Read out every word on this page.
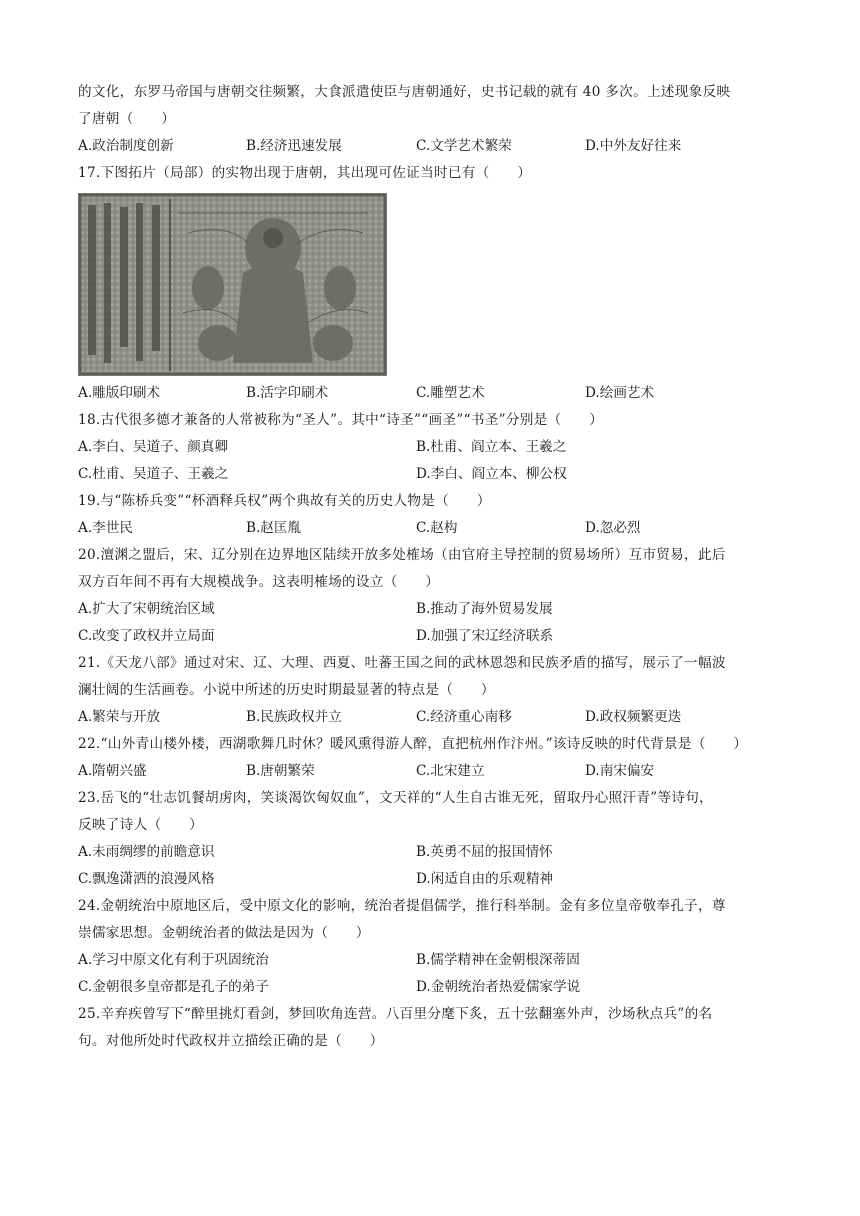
的文化，东罗马帝国与唐朝交往频繁，大食派遣使臣与唐朝通好，史书记载的就有 40 多次。上述现象反映
了唐朝（　　）
A.政治制度创新	B.经济迅速发展	C.文学艺术繁荣	D.中外友好往来
17.下图拓片（局部）的实物出现于唐朝，其出现可佐证当时已有（　　）
A.雕版印刷术	B.活字印刷术	C.雕塑艺术	D.绘画艺术
18.古代很多德才兼备的人常被称为“圣人”。其中“诗圣”“画圣”“书圣”分别是（　　）
A.李白、吴道子、颜真卿	B.杜甫、阎立本、王羲之
C.杜甫、吴道子、王羲之	D.李白、阎立本、柳公权
19.与“陈桥兵变”“杯酒释兵权”两个典故有关的历史人物是（　　）
A.李世民	B.赵匡胤	C.赵构	D.忽必烈
20.澶渊之盟后，宋、辽分别在边界地区陆续开放多处榷场（由官府主导控制的贸易场所）互市贸易，此后
双方百年间不再有大规模战争。这表明榷场的设立（　　）
A.扩大了宋朝统治区域	B.推动了海外贸易发展
C.改变了政权并立局面	D.加强了宋辽经济联系
21.《天龙八部》通过对宋、辽、大理、西夏、吐蕃王国之间的武林恩怨和民族矛盾的描写，展示了一幅波
澜壮阔的生活画卷。小说中所述的历史时期最显著的特点是（　　）
A.繁荣与开放	B.民族政权并立	C.经济重心南移	D.政权频繁更迭
22.“山外青山楼外楼，西湖歌舞几时休？暖风熏得游人醉，直把杭州作汴州。”该诗反映的时代背景是（　　）
A.隋朝兴盛	B.唐朝繁荣	C.北宋建立	D.南宋偏安
23.岳飞的“壮志饥餐胡虏肉，笑谈渴饮匈奴血”，文天祥的“人生自古谁无死，留取丹心照汗青”等诗句，
反映了诗人（　　）
A.未雨绸缪的前瞻意识	B.英勇不屈的报国情怀
C.飘逸潇洒的浪漫风格	D.闲适自由的乐观精神
24.金朝统治中原地区后，受中原文化的影响，统治者提倡儒学，推行科举制。金有多位皇帝敬奉孔子，尊
崇儒家思想。金朝统治者的做法是因为（　　）
A.学习中原文化有利于巩固统治	B.儒学精神在金朝根深蒂固
C.金朝很多皇帝都是孔子的弟子	D.金朝统治者热爱儒家学说
25.辛弃疾曾写下“醉里挑灯看剑，梦回吹角连营。八百里分麾下炙，五十弦翻塞外声，沙场秋点兵”的名
句。对他所处时代政权并立描绘正确的是（　　）
